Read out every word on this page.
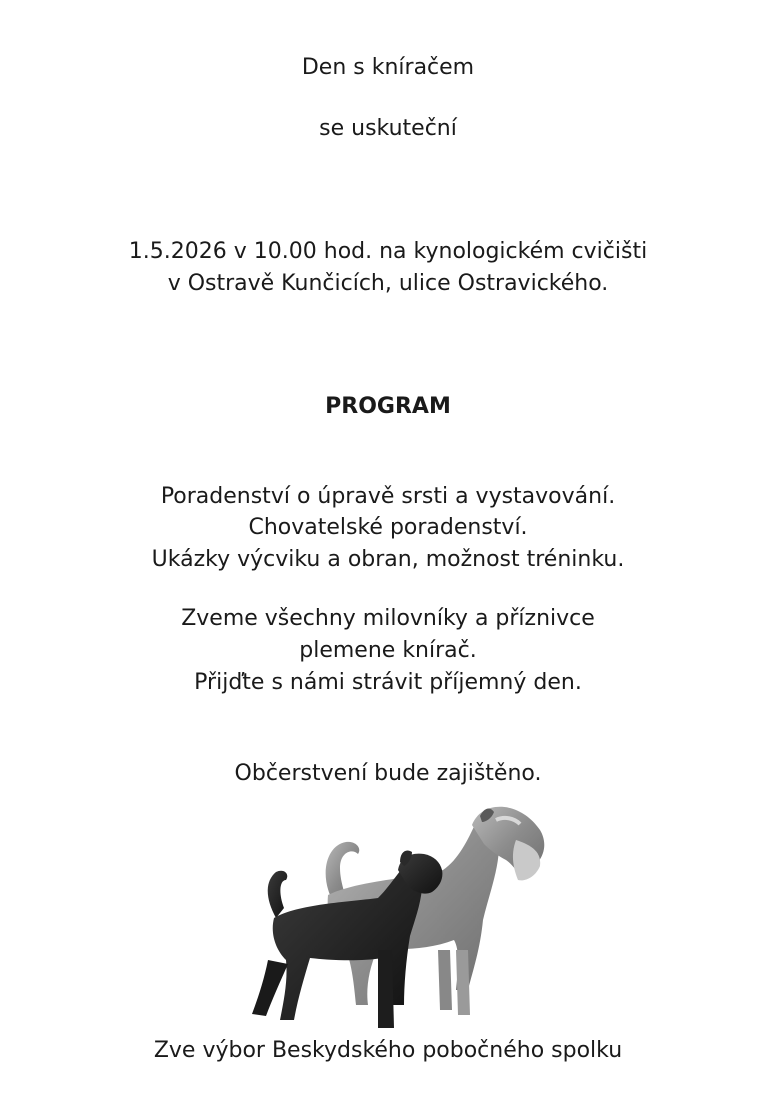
Den s kníračem
se uskuteční
1.5.2026 v 10.00 hod. na kynologickém cvičišti
v Ostravě Kunčicích, ulice Ostravického.
PROGRAM
Poradenství o úpravě srsti a vystavování.
Chovatelské poradenství.
Ukázky výcviku a obran, možnost tréninku.
Zveme všechny milovníky a příznivce
plemene knírač.
Přijďte s námi strávit příjemný den.
Občerstvení bude zajištěno.
Zve výbor Beskydského pobočného spolku
